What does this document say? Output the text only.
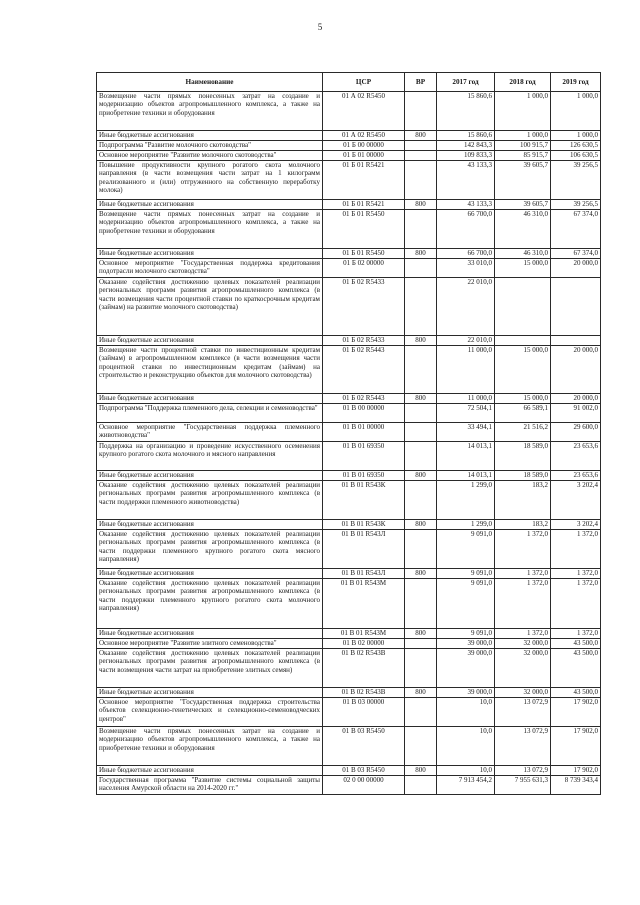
5
Наименование	ЦСР	ВР	2017 год	2018 год	2019 год
Возмещение части прямых понесенных затрат на создание и модернизацию объектов агропромышленного комплекса, а также на приобретение техники и оборудования	01 А 02 R5450		15 860,6	1 000,0	1 000,0
Иные бюджетные ассигнования	01 А 02 R5450	800	15 860,6	1 000,0	1 000,0
Подпрограмма "Развитие молочного скотоводства"	01 Б 00 00000		142 843,3	100 915,7	126 630,5
Основное мероприятие "Развитие молочного скотоводства"	01 Б 01 00000		109 833,3	85 915,7	106 630,5
Повышение продуктивности крупного рогатого скота молочного направления (в части возмещения части затрат на 1 килограмм реализованного и (или) отгруженного на собственную переработку молока)	01 Б 01 R5421		43 133,3	39 605,7	39 256,5
Иные бюджетные ассигнования	01 Б 01 R5421	800	43 133,3	39 605,7	39 256,5
Возмещение части прямых понесенных затрат на создание и модернизацию объектов агропромышленного комплекса, а также на приобретение техники и оборудования	01 Б 01 R5450		66 700,0	46 310,0	67 374,0
Иные бюджетные ассигнования	01 Б 01 R5450	800	66 700,0	46 310,0	67 374,0
Основное мероприятие "Государственная поддержка кредитования подотрасли молочного скотоводства"	01 Б 02 00000		33 010,0	15 000,0	20 000,0
Оказание содействия достижению целевых показателей реализации региональных программ развития агропромышленного комплекса (в части возмещения части процентной ставки по краткосрочным кредитам (займам) на развитие молочного скотоводства)	01 Б 02 R5433		22 010,0		
Иные бюджетные ассигнования	01 Б 02 R5433	800	22 010,0		
Возмещение части процентной ставки по инвестиционным кредитам (займам) в агропромышленном комплексе (в части возмещения части процентной ставки по инвестиционным кредитам (займам) на строительство и реконструкцию объектов для молочного скотоводства)	01 Б 02 R5443		11 000,0	15 000,0	20 000,0
Иные бюджетные ассигнования	01 Б 02 R5443	800	11 000,0	15 000,0	20 000,0
Подпрограмма "Поддержка племенного дела, селекции и семеноводства"	01 В 00 00000		72 504,1	66 589,1	91 002,0
Основное мероприятие "Государственная поддержка племенного животноводства"	01 В 01 00000		33 494,1	21 516,2	29 600,0
Поддержка на организацию и проведение искусственного осеменения крупного рогатого скота молочного и мясного направления	01 В 01 69350		14 013,1	18 589,0	23 653,6
Иные бюджетные ассигнования	01 В 01 69350	800	14 013,1	18 589,0	23 653,6
Оказание содействия достижению целевых показателей реализации региональных программ развития агропромышленного комплекса (в части поддержки племенного животноводства)	01 В 01 R543К		1 299,0	183,2	3 202,4
Иные бюджетные ассигнования	01 В 01 R543К	800	1 299,0	183,2	3 202,4
Оказание содействия достижению целевых показателей реализации региональных программ развития агропромышленного комплекса (в части поддержки племенного крупного рогатого скота мясного направления)	01 В 01 R543Л		9 091,0	1 372,0	1 372,0
Иные бюджетные ассигнования	01 В 01 R543Л	800	9 091,0	1 372,0	1 372,0
Оказание содействия достижению целевых показателей реализации региональных программ развития агропромышленного комплекса (в части поддержки племенного крупного рогатого скота молочного направления)	01 В 01 R543М		9 091,0	1 372,0	1 372,0
Иные бюджетные ассигнования	01 В 01 R543М	800	9 091,0	1 372,0	1 372,0
Основное мероприятие "Развитие элитного семеноводства"	01 В 02 00000		39 000,0	32 000,0	43 500,0
Оказание содействия достижению целевых показателей реализации региональных программ развития агропромышленного комплекса (в части возмещения части затрат на приобретение элитных семян)	01 В 02 R543В		39 000,0	32 000,0	43 500,0
Иные бюджетные ассигнования	01 В 02 R543В	800	39 000,0	32 000,0	43 500,0
Основное мероприятие "Государственная поддержка строительства объектов селекционно-генетических и селекционно-семеноводческих центров"	01 В 03 00000		10,0	13 072,9	17 902,0
Возмещение части прямых понесенных затрат на создание и модернизацию объектов агропромышленного комплекса, а также на приобретение техники и оборудования	01 В 03 R5450		10,0	13 072,9	17 902,0
Иные бюджетные ассигнования	01 В 03 R5450	800	10,0	13 072,9	17 902,0
Государственная программа "Развитие системы социальной защиты населения Амурской области на 2014-2020 гг."	02 0 00 00000		7 913 454,2	7 955 631,3	8 739 343,4
